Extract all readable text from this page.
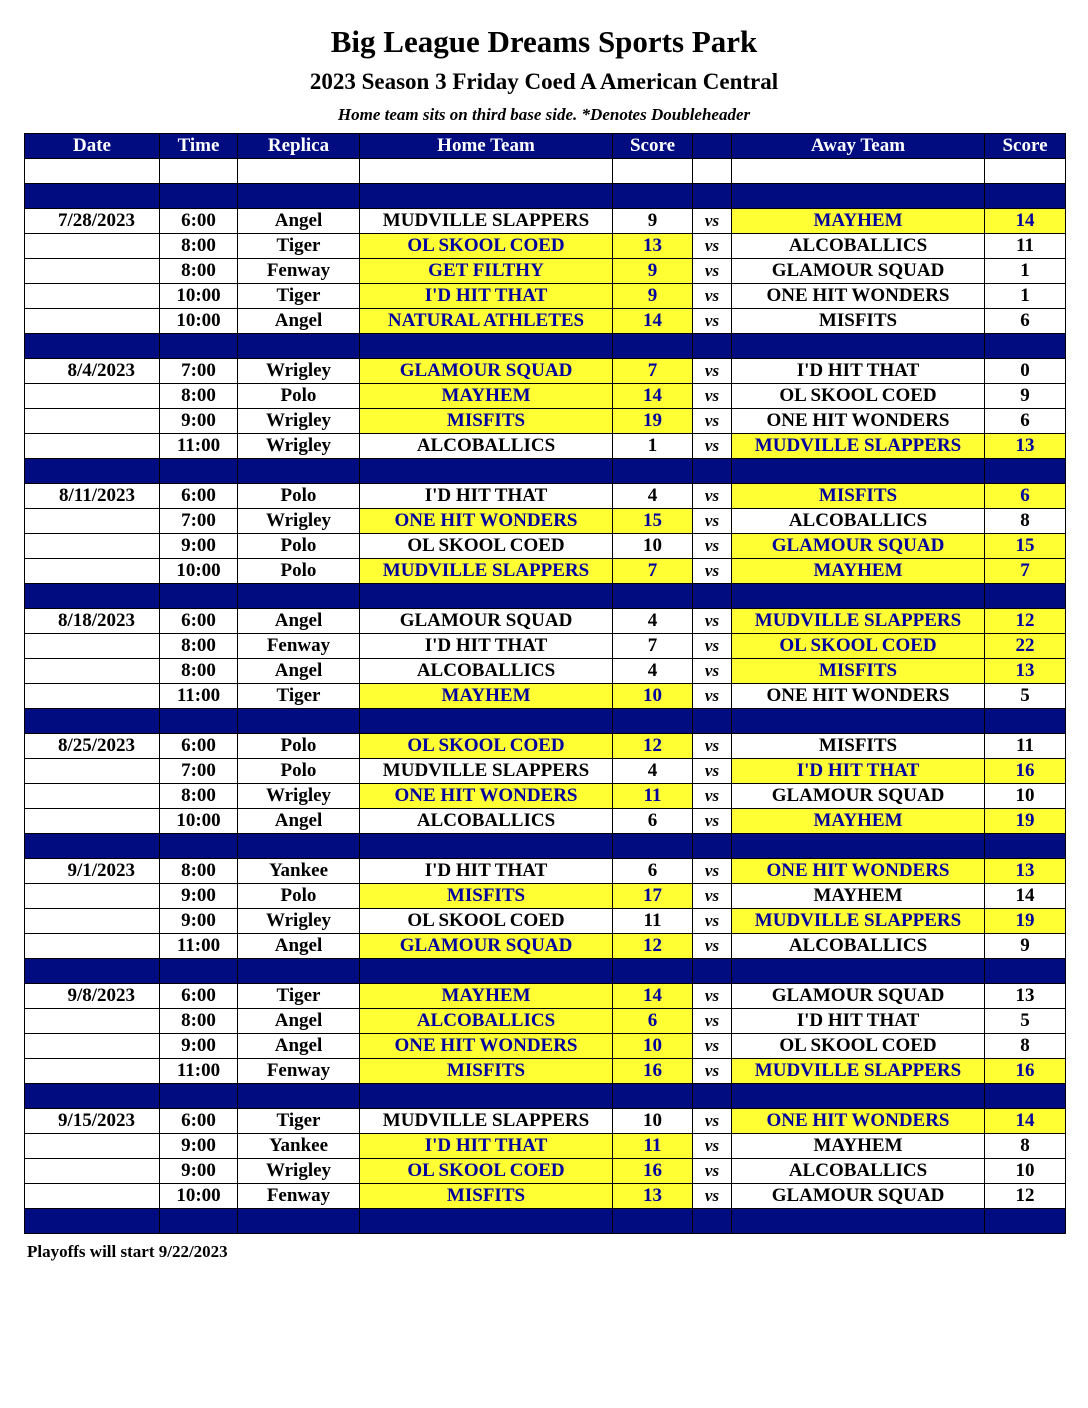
Big League Dreams Sports Park
2023 Season 3 Friday Coed A American Central
Home team sits on third base side. *Denotes Doubleheader
Date	Time	Replica	Home Team	Score		Away Team	Score

7/28/2023	6:00	Angel	MUDVILLE SLAPPERS	9	vs	MAYHEM	14
	8:00	Tiger	OL SKOOL COED	13	vs	ALCOBALLICS	11
	8:00	Fenway	GET FILTHY	9	vs	GLAMOUR SQUAD	1
	10:00	Tiger	I'D HIT THAT	9	vs	ONE HIT WONDERS	1
	10:00	Angel	NATURAL ATHLETES	14	vs	MISFITS	6

8/4/2023	7:00	Wrigley	GLAMOUR SQUAD	7	vs	I'D HIT THAT	0
	8:00	Polo	MAYHEM	14	vs	OL SKOOL COED	9
	9:00	Wrigley	MISFITS	19	vs	ONE HIT WONDERS	6
	11:00	Wrigley	ALCOBALLICS	1	vs	MUDVILLE SLAPPERS	13

8/11/2023	6:00	Polo	I'D HIT THAT	4	vs	MISFITS	6
	7:00	Wrigley	ONE HIT WONDERS	15	vs	ALCOBALLICS	8
	9:00	Polo	OL SKOOL COED	10	vs	GLAMOUR SQUAD	15
	10:00	Polo	MUDVILLE SLAPPERS	7	vs	MAYHEM	7

8/18/2023	6:00	Angel	GLAMOUR SQUAD	4	vs	MUDVILLE SLAPPERS	12
	8:00	Fenway	I'D HIT THAT	7	vs	OL SKOOL COED	22
	8:00	Angel	ALCOBALLICS	4	vs	MISFITS	13
	11:00	Tiger	MAYHEM	10	vs	ONE HIT WONDERS	5

8/25/2023	6:00	Polo	OL SKOOL COED	12	vs	MISFITS	11
	7:00	Polo	MUDVILLE SLAPPERS	4	vs	I'D HIT THAT	16
	8:00	Wrigley	ONE HIT WONDERS	11	vs	GLAMOUR SQUAD	10
	10:00	Angel	ALCOBALLICS	6	vs	MAYHEM	19

9/1/2023	8:00	Yankee	I'D HIT THAT	6	vs	ONE HIT WONDERS	13
	9:00	Polo	MISFITS	17	vs	MAYHEM	14
	9:00	Wrigley	OL SKOOL COED	11	vs	MUDVILLE SLAPPERS	19
	11:00	Angel	GLAMOUR SQUAD	12	vs	ALCOBALLICS	9

9/8/2023	6:00	Tiger	MAYHEM	14	vs	GLAMOUR SQUAD	13
	8:00	Angel	ALCOBALLICS	6	vs	I'D HIT THAT	5
	9:00	Angel	ONE HIT WONDERS	10	vs	OL SKOOL COED	8
	11:00	Fenway	MISFITS	16	vs	MUDVILLE SLAPPERS	16

9/15/2023	6:00	Tiger	MUDVILLE SLAPPERS	10	vs	ONE HIT WONDERS	14
	9:00	Yankee	I'D HIT THAT	11	vs	MAYHEM	8
	9:00	Wrigley	OL SKOOL COED	16	vs	ALCOBALLICS	10
	10:00	Fenway	MISFITS	13	vs	GLAMOUR SQUAD	12

Playoffs will start 9/22/2023
